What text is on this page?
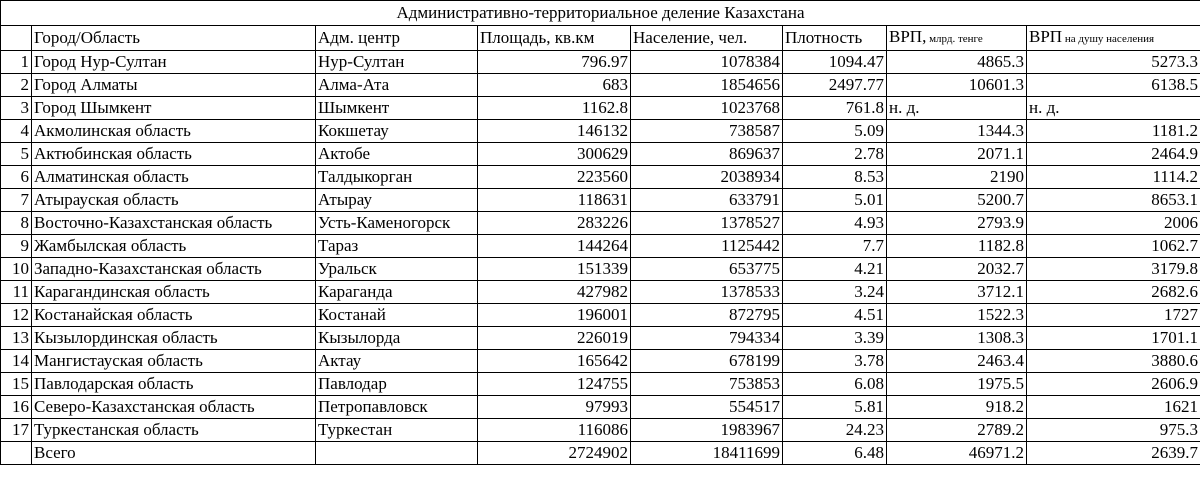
Административно-территориальное деление Казахстана							
	Город/Область	Адм. центр	Площадь, кв.км	Население, чел.	Плотность	ВРП, млрд. тенге	ВРП на душу населения
1	Город Нур-Султан	Нур-Султан	796.97	1078384	1094.47	4865.3	5273.3
2	Город Алматы	Алма-Ата	683	1854656	2497.77	10601.3	6138.5
3	Город Шымкент	Шымкент	1162.8	1023768	761.8	н. д.	н. д.
4	Акмолинская область	Кокшетау	146132	738587	5.09	1344.3	1181.2
5	Актюбинская область	Актобе	300629	869637	2.78	2071.1	2464.9
6	Алматинская область	Талдыкорган	223560	2038934	8.53	2190	1114.2
7	Атырауская область	Атырау	118631	633791	5.01	5200.7	8653.1
8	Восточно-Казахстанская область	Усть-Каменогорск	283226	1378527	4.93	2793.9	2006
9	Жамбылская область	Тараз	144264	1125442	7.7	1182.8	1062.7
10	Западно-Казахстанская область	Уральск	151339	653775	4.21	2032.7	3179.8
11	Карагандинская область	Караганда	427982	1378533	3.24	3712.1	2682.6
12	Костанайская область	Костанай	196001	872795	4.51	1522.3	1727
13	Кызылординская область	Кызылорда	226019	794334	3.39	1308.3	1701.1
14	Мангистауская область	Актау	165642	678199	3.78	2463.4	3880.6
15	Павлодарская область	Павлодар	124755	753853	6.08	1975.5	2606.9
16	Северо-Казахстанская область	Петропавловск	97993	554517	5.81	918.2	1621
17	Туркестанская область	Туркестан	116086	1983967	24.23	2789.2	975.3
	Всего		2724902	18411699	6.48	46971.2	2639.7
